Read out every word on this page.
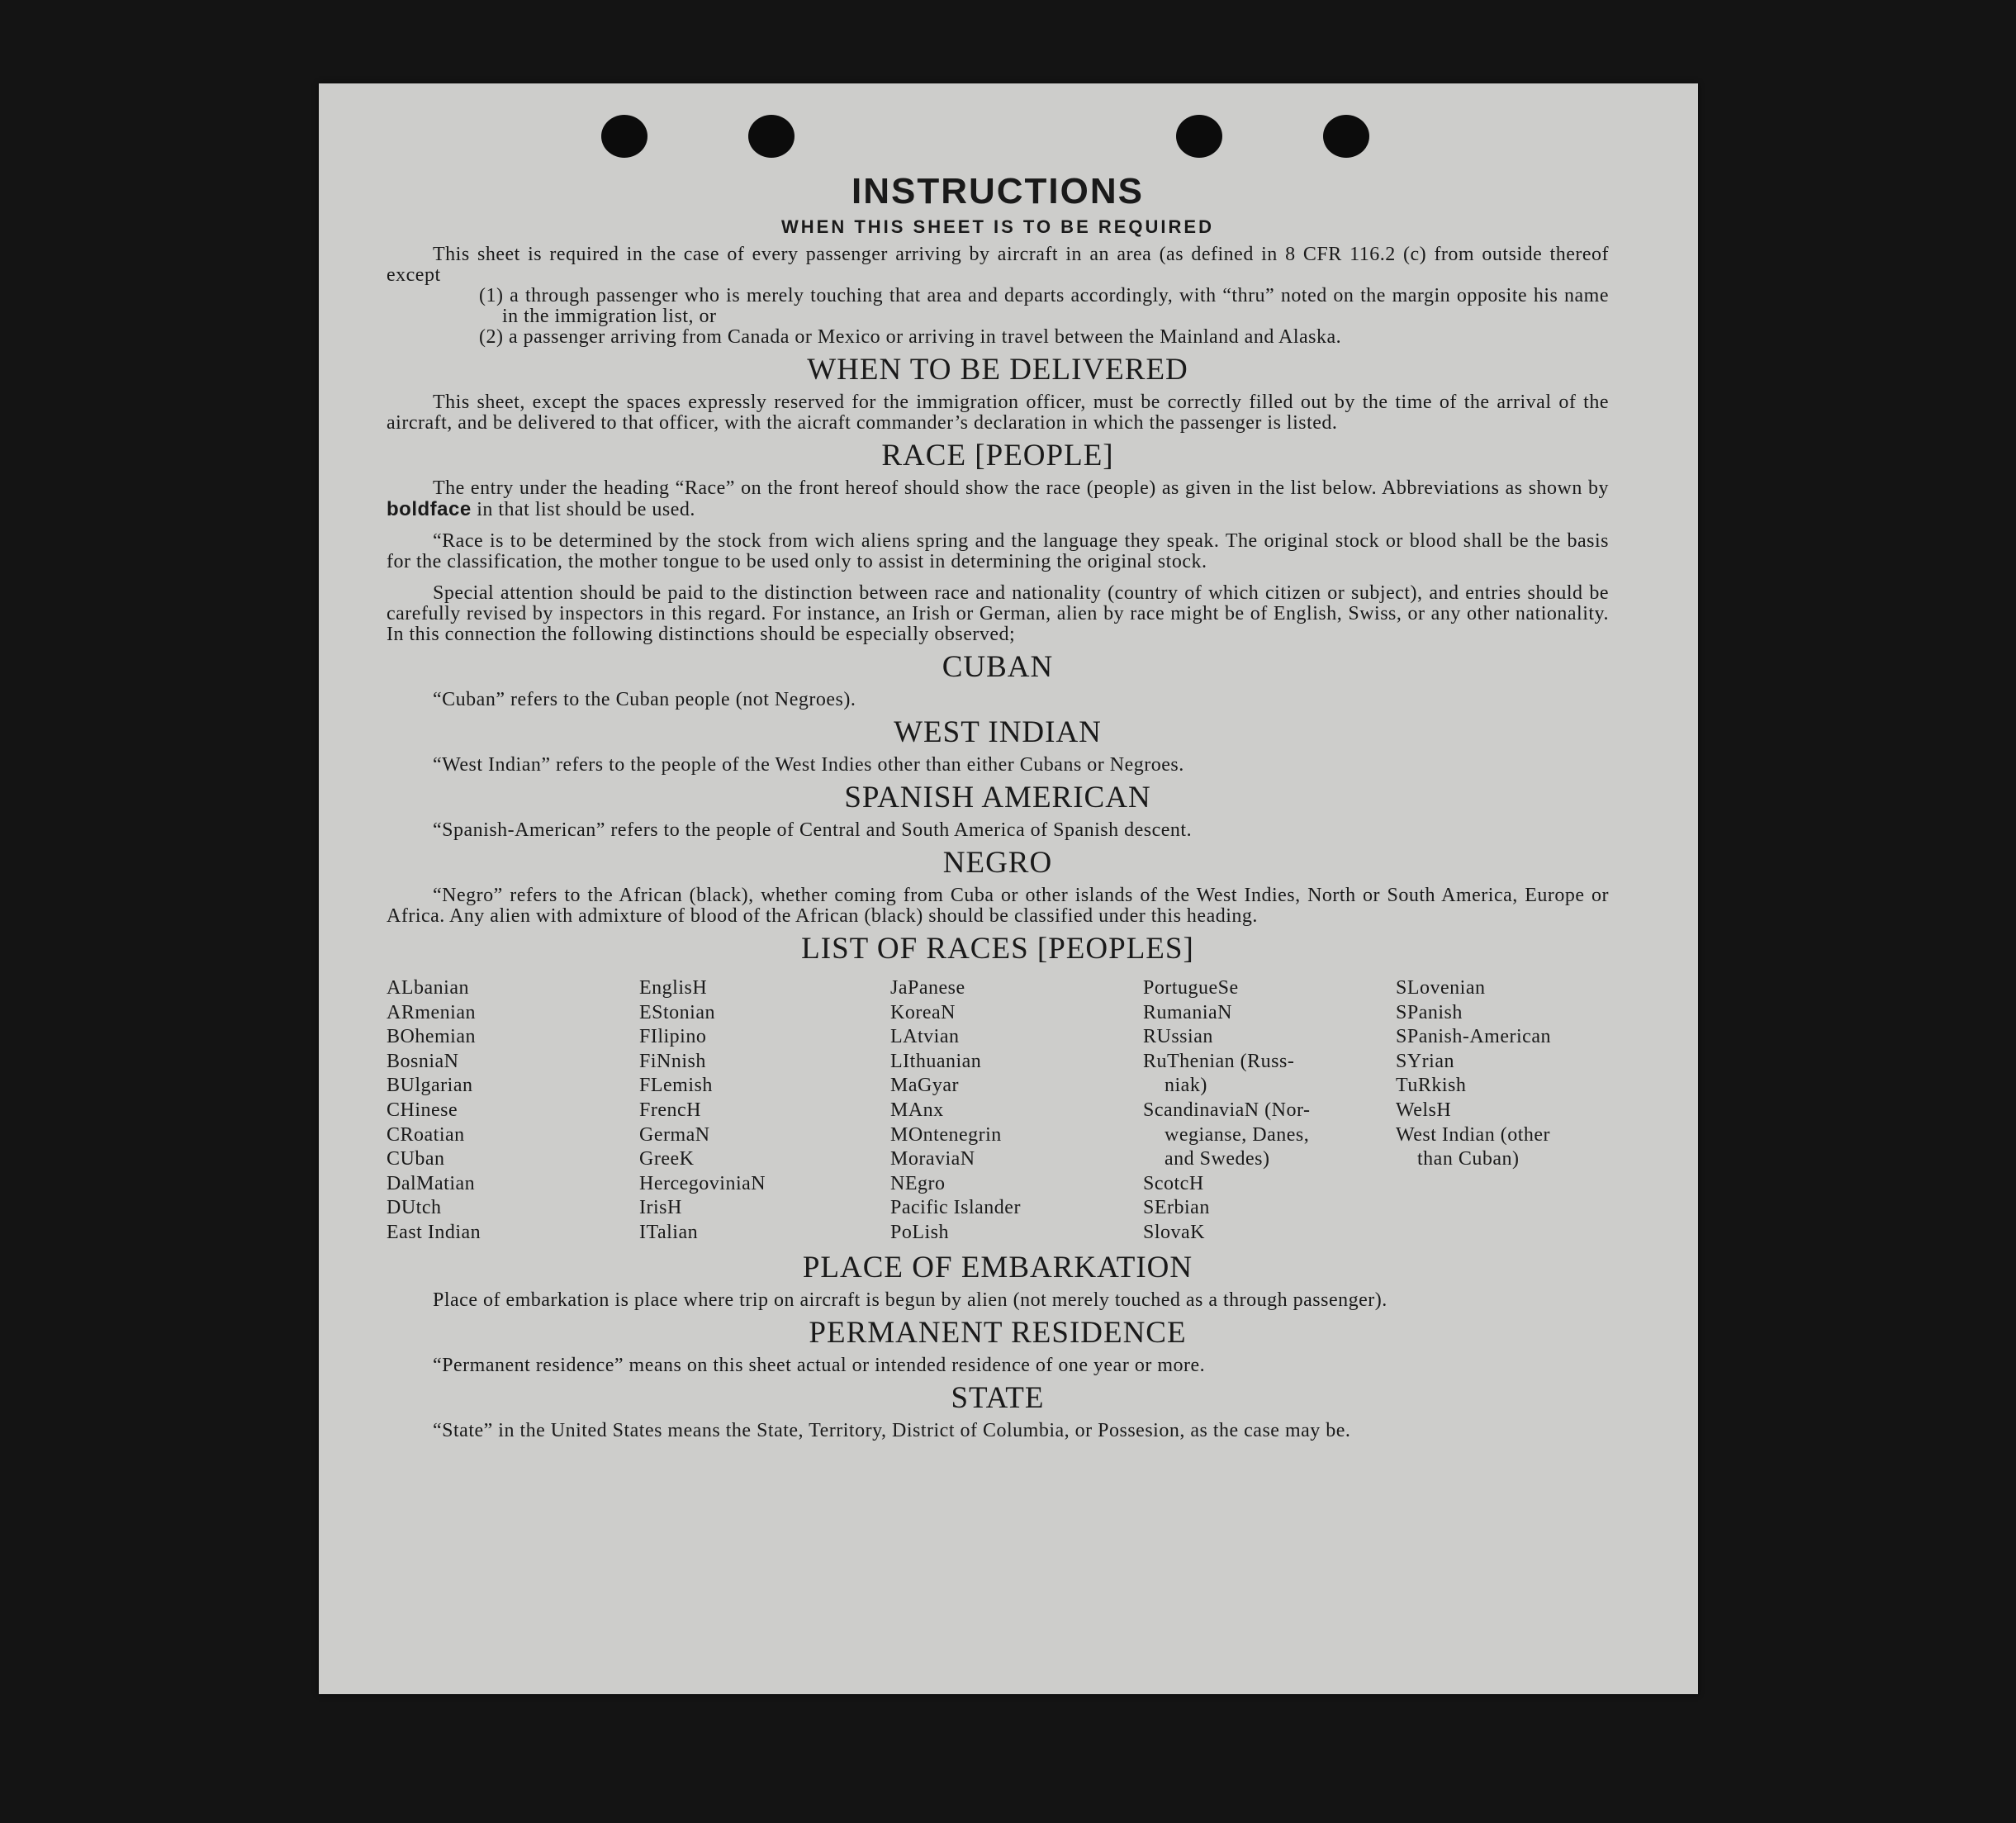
INSTRUCTIONS
WHEN THIS SHEET IS TO BE REQUIRED

This sheet is required in the case of every passenger arriving by aircraft in an area (as defined in 8 CFR 116.2 (c) from outside thereof except

(1) a through passenger who is merely touching that area and departs accordingly, with “thru” noted on the margin opposite his name in the immigration list, or

(2) a passenger arriving from Canada or Mexico or arriving in travel between the Mainland and Alaska.

WHEN TO BE DELIVERED

This sheet, except the spaces expressly reserved for the immigration officer, must be correctly filled out by the time of the arrival of the aircraft, and be delivered to that officer, with the aicraft commander’s declaration in which the passenger is listed.

RACE [PEOPLE]

The entry under the heading “Race” on the front hereof should show the race (people) as given in the list below. Abbreviations as shown by boldface in that list should be used.

“Race is to be determined by the stock from wich aliens spring and the language they speak. The original stock or blood shall be the basis for the classification, the mother tongue to be used only to assist in determining the original stock.

Special attention should be paid to the distinction between race and nationality (country of which citizen or subject), and entries should be carefully revised by inspectors in this regard. For instance, an Irish or German, alien by race might be of English, Swiss, or any other nationality. In this connection the following distinctions should be especially observed;

CUBAN

“Cuban” refers to the Cuban people (not Negroes).

WEST INDIAN

“West Indian” refers to the people of the West Indies other than either Cubans or Negroes.

SPANISH AMERICAN

“Spanish-American” refers to the people of Central and South America of Spanish descent.

NEGRO

“Negro” refers to the African (black), whether coming from Cuba or other islands of the West Indies, North or South America, Europe or Africa. Any alien with admixture of blood of the African (black) should be classified under this heading.

LIST OF RACES [PEOPLES]
ALbanian
ARmenian
BOhemian
BosniaN
BUlgarian
CHinese
CRoatian
CUban
DalMatian
DUtch
East Indian
EnglisH
EStonian
FIlipino
FiNnish
FLemish
FrencH
GermaN
GreeK
HercegoviniaN
IrisH
ITalian
JaPanese
KoreaN
LAtvian
LIthuanian
MaGyar
MAnx
MOntenegrin
MoraviaN
NEgro
Pacific Islander
PoLish
PortugueSe
RumaniaN
RUssian
RuThenian (Russ-
niak)
ScandinaviaN (Nor-
wegianse, Danes,
and Swedes)
ScotcH
SErbian
SlovaK
SLovenian
SPanish
SPanish-American
SYrian
TuRkish
WelsH
West Indian (other
than Cuban)
PLACE OF EMBARKATION

Place of embarkation is place where trip on aircraft is begun by alien (not merely touched as a through passenger).

PERMANENT RESIDENCE

“Permanent residence” means on this sheet actual or intended residence of one year or more.

STATE

“State” in the United States means the State, Territory, District of Columbia, or Possesion, as the case may be.
